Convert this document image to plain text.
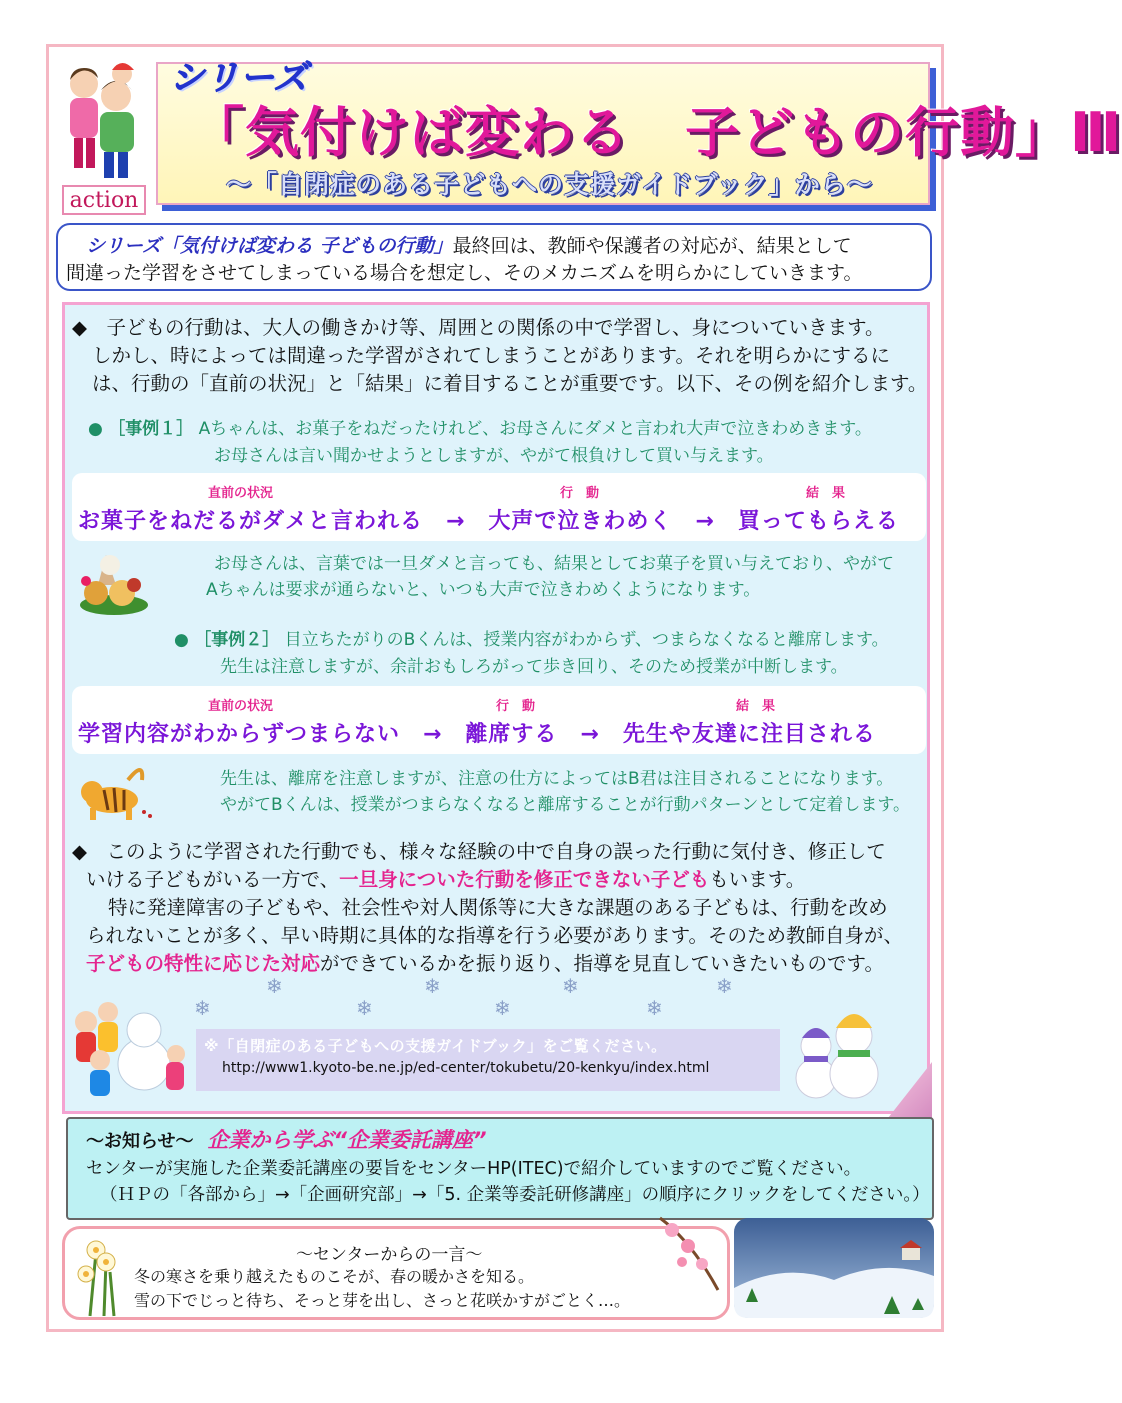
action
シリーズ
「気付けば変わる　子どもの行動」Ⅲ
～「自閉症のある子どもへの支援ガイドブック」から～
シリーズ「気付けば変わる 子どもの行動」最終回は、教師や保護者の対応が、結果として
間違った学習をさせてしまっている場合を想定し、そのメカニズムを明らかにしていきます。
◆　子どもの行動は、大人の働きかけ等、周囲との関係の中で学習し、身についていきます。
しかし、時によっては間違った学習がされてしまうことがあります。それを明らかにするに
は、行動の「直前の状況」と「結果」に着目することが重要です。以下、その例を紹介します。
● ［事例１］ Aちゃんは、お菓子をねだったけれど、お母さんにダメと言われ大声で泣きわめきます。
お母さんは言い聞かせようとしますが、やがて根負けして買い与えます。
直前の状況	行　動	結　果
お菓子をねだるがダメと言われる　→　大声で泣きわめく　→　買ってもらえる
お母さんは、言葉では一旦ダメと言っても、結果としてお菓子を買い与えており、やがて
Aちゃんは要求が通らないと、いつも大声で泣きわめくようになります。
● ［事例２］ 目立ちたがりのBくんは、授業内容がわからず、つまらなくなると離席します。
先生は注意しますが、余計おもしろがって歩き回り、そのため授業が中断します。
直前の状況	行　動	結　果
学習内容がわからずつまらない　→　離席する　→　先生や友達に注目される
先生は、離席を注意しますが、注意の仕方によってはB君は注目されることになります。
やがてBくんは、授業がつまらなくなると離席することが行動パターンとして定着します。
◆　このように学習された行動でも、様々な経験の中で自身の誤った行動に気付き、修正して
いける子どもがいる一方で、一旦身についた行動を修正できない子どももいます。
特に発達障害の子どもや、社会性や対人関係等に大きな課題のある子どもは、行動を改め
られないことが多く、早い時期に具体的な指導を行う必要があります。そのため教師自身が、
子どもの特性に応じた対応ができているかを振り返り、指導を見直していきたいものです。
❄	❄	❄	❄
❄	❄	❄	❄
※「自閉症のある子どもへの支援ガイドブック」をご覧ください。
http://www1.kyoto-be.ne.jp/ed-center/tokubetu/20-kenkyu/index.html
～お知らせ～ 企業から学ぶ“企業委託講座”
センターが実施した企業委託講座の要旨をセンターHP(ITEC)で紹介していますのでご覧ください。
（ＨＰの「各部から」→「企画研究部」→「5. 企業等委託研修講座」の順序にクリックをしてください。）
～センターからの一言～
冬の寒さを乗り越えたものこそが、春の暖かさを知る。
雪の下でじっと待ち、そっと芽を出し、さっと花咲かすがごとく…。
